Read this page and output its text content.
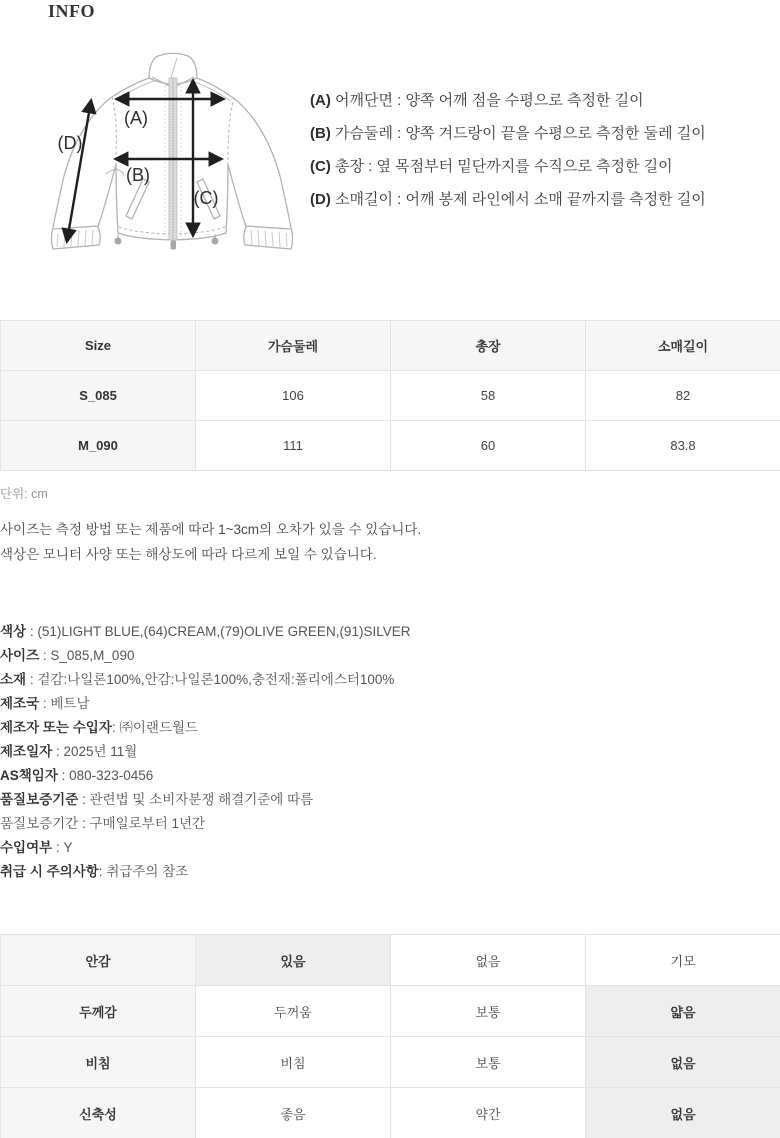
INFO
(A)
(B)
(C)
(D)
(A) 어깨단면 : 양쪽 어깨 점을 수평으로 측정한 길이
(B) 가슴둘레 : 양쪽 겨드랑이 끝을 수평으로 측정한 둘레 길이
(C) 총장 : 옆 목점부터 밑단까지를 수직으로 측정한 길이
(D) 소매길이 : 어깨 봉제 라인에서 소매 끝까지를 측정한 길이
Size	가슴둘레	총장	소매길이
S_085	106	58	82
M_090	111	60	83.8
단위: cm

사이즈는 측정 방법 또는 제품에 따라 1~3cm의 오차가 있을 수 있습니다.

색상은 모니터 사양 또는 해상도에 따라 다르게 보일 수 있습니다.

색상 : (51)LIGHT BLUE,(64)CREAM,(79)OLIVE GREEN,(91)SILVER
사이즈 : S_085,M_090
소재 : 겉감:나일론100%,안감:나일론100%,충전재:폴리에스터100%
제조국 : 베트남
제조자 또는 수입자: ㈜이랜드월드
제조일자 : 2025년 11월
AS책임자 : 080-323-0456
품질보증기준 : 관련법 및 소비자분쟁 해결기준에 따름
품질보증기간 : 구매일로부터 1년간
수입여부 : Y
취급 시 주의사항: 취급주의 참조
안감	있음	없음	기모
두께감	두꺼움	보통	얇음
비침	비침	보통	없음
신축성	좋음	약간	없음
